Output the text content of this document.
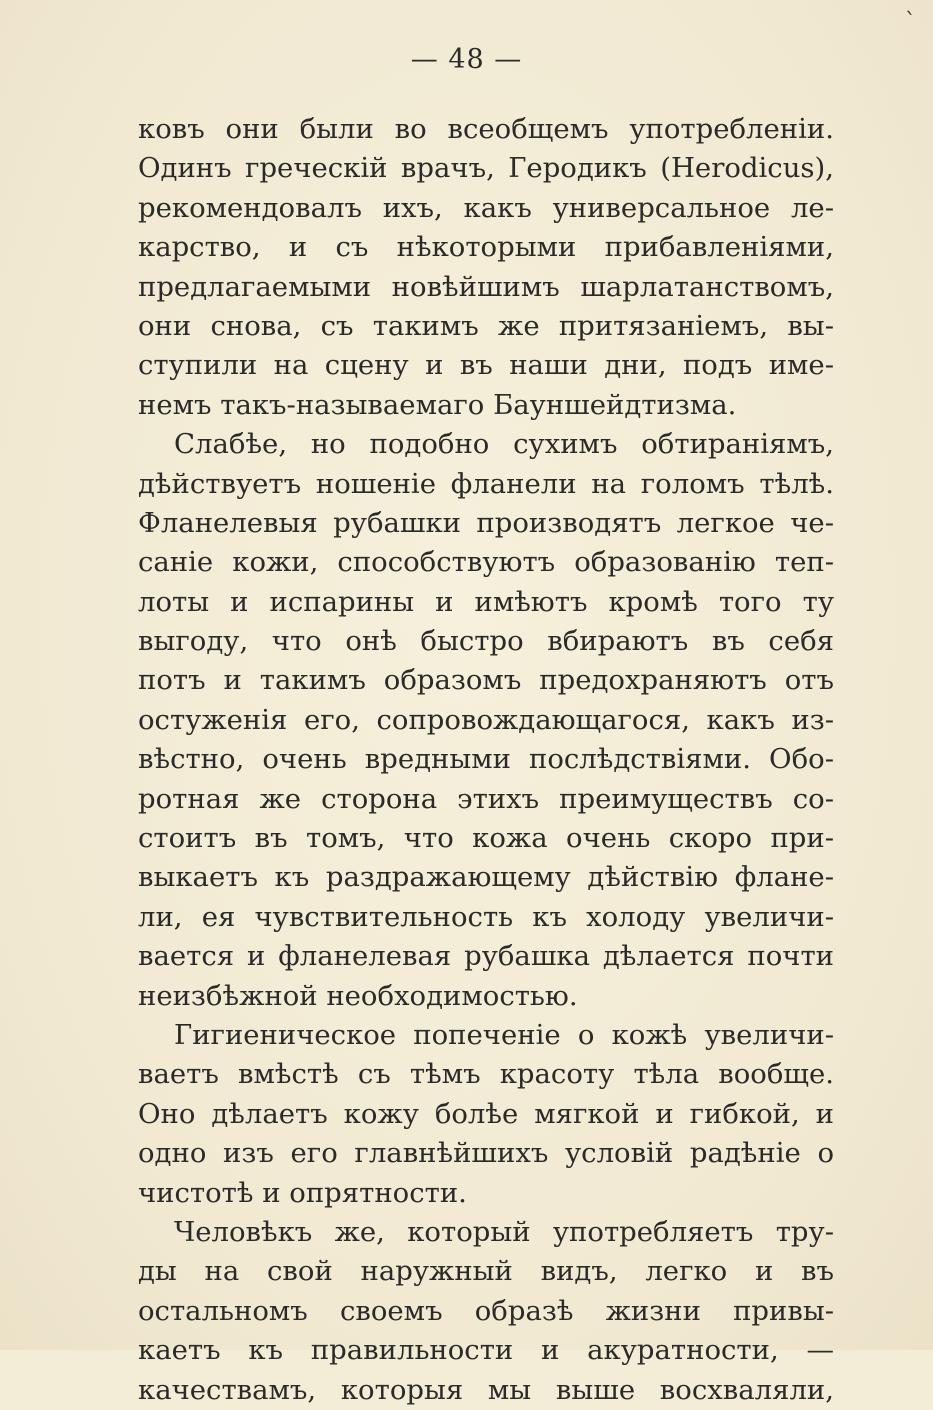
ˋ
— 48 —
ковъ они были во всеобщемъ употребленіи.
Одинъ греческій врачъ, Геродикъ (Herodicus),
рекомендовалъ ихъ, какъ универсальное ле-
карство, и съ нѣкоторыми прибавленіями,
предлагаемыми новѣйшимъ шарлатанствомъ,
они снова, съ такимъ же притязаніемъ, вы-
ступили на сцену и въ наши дни, подъ име-
немъ такъ-называемаго Бауншейдтизма.
Слабѣе, но подобно сухимъ обтираніямъ,
дѣйствуетъ ношеніе фланели на голомъ тѣлѣ.
Фланелевыя рубашки производятъ легкое че-
саніе кожи, способствуютъ образованію теп-
лоты и испарины и имѣютъ кромѣ того ту
выгоду, что онѣ быстро вбираютъ въ себя
потъ и такимъ образомъ предохраняютъ отъ
остуженія его, сопровождающагося, какъ из-
вѣстно, очень вредными послѣдствіями. Обо-
ротная же сторона этихъ преимуществъ со-
стоитъ въ томъ, что кожа очень скоро при-
выкаетъ къ раздражающему дѣйствію флане-
ли, ея чувствительность къ холоду увеличи-
вается и фланелевая рубашка дѣлается почти
неизбѣжной необходимостью.
Гигиеническое попеченіе о кожѣ увеличи-
ваетъ вмѣстѣ съ тѣмъ красоту тѣла вообще.
Оно дѣлаетъ кожу болѣе мягкой и гибкой, и
одно изъ его главнѣйшихъ условій радѣніе о
чистотѣ и опрятности.
Человѣкъ же, который употребляетъ тру-
ды на свой наружный видъ, легко и въ
остальномъ своемъ образѣ жизни привы-
каетъ къ правильности и акуратности, —
качествамъ, которыя мы выше восхваляли,
